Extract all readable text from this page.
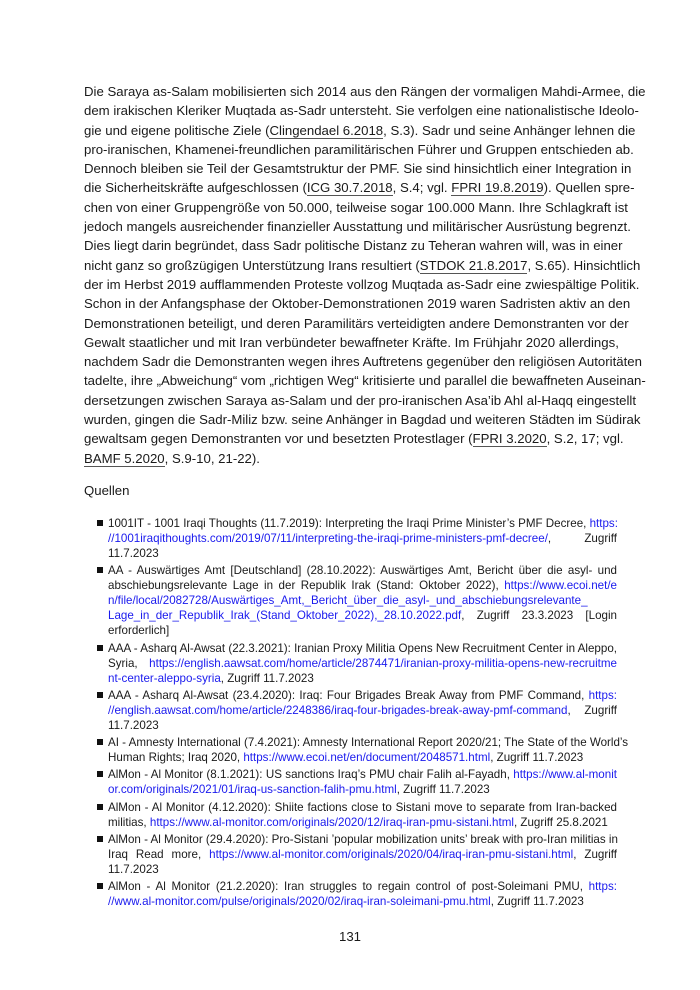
Die Saraya as-Salam mobilisierten sich 2014 aus den Rängen der vormaligen Mahdi-Armee, die
dem irakischen Kleriker Muqtada as-Sadr untersteht. Sie verfolgen eine nationalistische Ideolo-
gie und eigene politische Ziele (Clingendael 6.2018, S.3). Sadr und seine Anhänger lehnen die
pro-iranischen, Khamenei-freundlichen paramilitärischen Führer und Gruppen entschieden ab.
Dennoch bleiben sie Teil der Gesamtstruktur der PMF. Sie sind hinsichtlich einer Integration in
die Sicherheitskräfte aufgeschlossen (ICG 30.7.2018, S.4; vgl. FPRI 19.8.2019). Quellen spre-
chen von einer Gruppengröße von 50.000, teilweise sogar 100.000 Mann. Ihre Schlagkraft ist
jedoch mangels ausreichender finanzieller Ausstattung und militärischer Ausrüstung begrenzt.
Dies liegt darin begründet, dass Sadr politische Distanz zu Teheran wahren will, was in einer
nicht ganz so großzügigen Unterstützung Irans resultiert (STDOK 21.8.2017, S.65). Hinsichtlich
der im Herbst 2019 aufflammenden Proteste vollzog Muqtada as-Sadr eine zwiespältige Politik.
Schon in der Anfangsphase der Oktober-Demonstrationen 2019 waren Sadristen aktiv an den
Demonstrationen beteiligt, und deren Paramilitärs verteidigten andere Demonstranten vor der
Gewalt staatlicher und mit Iran verbündeter bewaffneter Kräfte. Im Frühjahr 2020 allerdings,
nachdem Sadr die Demonstranten wegen ihres Auftretens gegenüber den religiösen Autoritäten
tadelte, ihre „Abweichung“ vom „richtigen Weg“ kritisierte und parallel die bewaffneten Auseinan-
dersetzungen zwischen Saraya as-Salam und der pro-iranischen Asa’ib Ahl al-Haqq eingestellt
wurden, gingen die Sadr-Miliz bzw. seine Anhänger in Bagdad und weiteren Städten im Südirak
gewaltsam gegen Demonstranten vor und besetzten Protestlager (FPRI 3.2020, S.2, 17; vgl.
BAMF 5.2020, S.9-10, 21-22).
Quellen
1001IT - 1001 Iraqi Thoughts (11.7.2019): Interpreting the Iraqi Prime Minister’s PMF Decree, https:
//1001iraqithoughts.com/2019/07/11/interpreting-the-iraqi-prime-ministers-pmf-decree/, Zugriff
11.7.2023
AA - Auswärtiges Amt [Deutschland] (28.10.2022): Auswärtiges Amt, Bericht über die asyl- und
abschiebungsrelevante Lage in der Republik Irak (Stand: Oktober 2022), https://www.ecoi.net/e
n/file/local/2082728/Auswärtiges_Amt,_Bericht_über_die_asyl-_und_abschiebungsrelevante_
Lage_in_der_Republik_Irak_(Stand_Oktober_2022),_28.10.2022.pdf, Zugriff 23.3.2023 [Login
erforderlich]
AAA - Asharq Al-Awsat (22.3.2021): Iranian Proxy Militia Opens New Recruitment Center in Aleppo,
Syria, https://english.aawsat.com/home/article/2874471/iranian-proxy-militia-opens-new-recruitme
nt-center-aleppo-syria, Zugriff 11.7.2023
AAA - Asharq Al-Awsat (23.4.2020): Iraq: Four Brigades Break Away from PMF Command, https:
//english.aawsat.com/home/article/2248386/iraq-four-brigades-break-away-pmf-command, Zugriff
11.7.2023
AI - Amnesty International (7.4.2021): Amnesty International Report 2020/21; The State of the World’s
Human Rights; Iraq 2020, https://www.ecoi.net/en/document/2048571.html, Zugriff 11.7.2023
AlMon - Al Monitor (8.1.2021): US sanctions Iraq’s PMU chair Falih al-Fayadh, https://www.al-monit
or.com/originals/2021/01/iraq-us-sanction-falih-pmu.html, Zugriff 11.7.2023
AlMon - Al Monitor (4.12.2020): Shiite factions close to Sistani move to separate from Iran-backed
militias, https://www.al-monitor.com/originals/2020/12/iraq-iran-pmu-sistani.html, Zugriff 25.8.2021
AlMon - Al Monitor (29.4.2020): Pro-Sistani ’popular mobilization units’ break with pro-Iran militias in
Iraq Read more, https://www.al-monitor.com/originals/2020/04/iraq-iran-pmu-sistani.html, Zugriff
11.7.2023
AlMon - Al Monitor (21.2.2020): Iran struggles to regain control of post-Soleimani PMU, https:
//www.al-monitor.com/pulse/originals/2020/02/iraq-iran-soleimani-pmu.html, Zugriff 11.7.2023
131
